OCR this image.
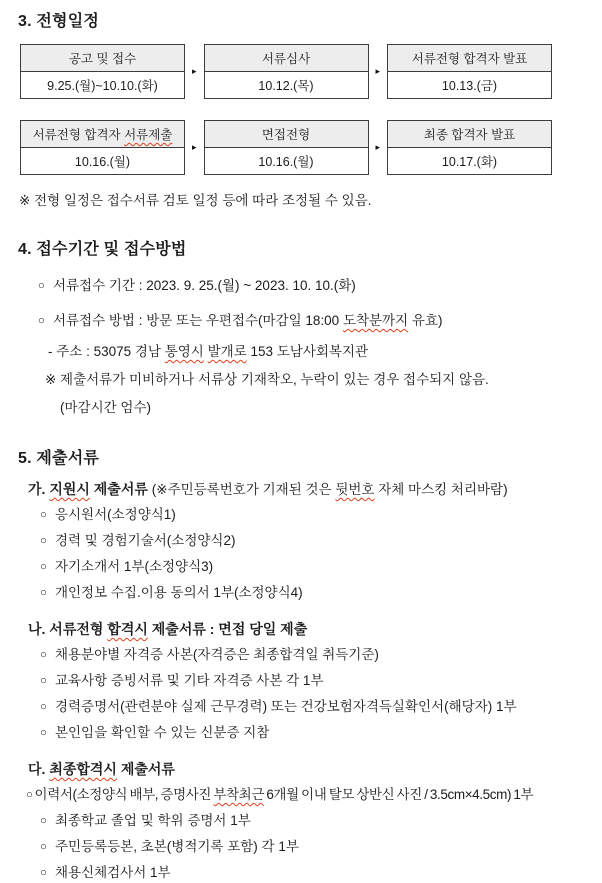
3. 전형일정
공고 및 접수
9.25.(월)~10.10.(화)
▸
서류심사
10.12.(목)
▸
서류전형 합격자 발표
10.13.(금)
서류전형 합격자 서류제출
10.16.(월)
▸
면접전형
10.16.(월)
▸
최종 합격자 발표
10.17.(화)
※ 전형 일정은 접수서류 검토 일정 등에 따라 조정될 수 있음.
4. 접수기간 및 접수방법
○ 서류접수 기간 : 2023. 9. 25.(월) ~ 2023. 10. 10.(화)
○ 서류접수 방법 : 방문 또는 우편접수(마감일 18:00 도착분까지 유효)
- 주소 : 53075 경남 통영시 발개로 153 도남사회복지관
※ 제출서류가 미비하거나 서류상 기재착오, 누락이 있는 경우 접수되지 않음.
(마감시간 엄수)
5. 제출서류
가. 지원시 제출서류 (※주민등록번호가 기재된 것은 뒷번호 자체 마스킹 처리바람)
○ 응시원서(소정양식1)
○ 경력 및 경험기술서(소정양식2)
○ 자기소개서 1부(소정양식3)
○ 개인정보 수집.이용 동의서 1부(소정양식4)
나. 서류전형 합격시 제출서류 : 면접 당일 제출
○ 채용분야별 자격증 사본(자격증은 최종합격일 취득기준)
○ 교육사항 증빙서류 및 기타 자격증 사본 각 1부
○ 경력증명서(관련분야 실제 근무경력) 또는 건강보험자격득실확인서(해당자) 1부
○ 본인임을 확인할 수 있는 신분증 지참
다. 최종합격시 제출서류
○ 이력서(소정양식 배부, 증명사진 부착최근 6개월 이내 탈모 상반신 사진 / 3.5cm×4.5cm) 1부
○ 최종학교 졸업 및 학위 증명서 1부
○ 주민등록등본, 초본(병적기록 포함) 각 1부
○ 채용신체검사서 1부
